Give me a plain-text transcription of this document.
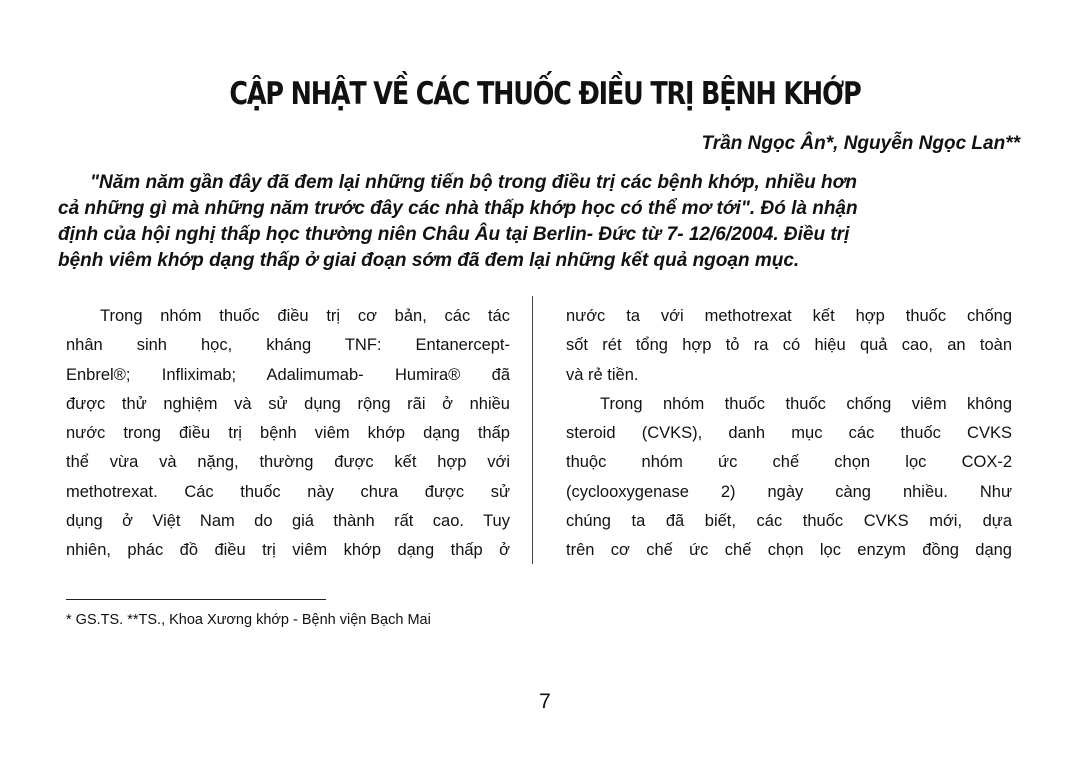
CẬP NHẬT VỀ CÁC THUỐC ĐIỀU TRỊ BỆNH KHỚP
Trần Ngọc Ân*, Nguyễn Ngọc Lan**
"Năm năm gần đây đã đem lại những tiến bộ trong điều trị các bệnh khớp, nhiều hơn
cả những gì mà những năm trước đây các nhà thấp khớp học có thể mơ tới". Đó là nhận
định của hội nghị thấp học thường niên Châu Âu tại Berlin- Đức từ 7- 12/6/2004. Điều trị
bệnh viêm khớp dạng thấp ở giai đoạn sớm đã đem lại những kết quả ngoạn mục.
Trong nhóm thuốc điều trị cơ bản, các tác
nhân sinh học, kháng TNF: Entanercept-
Enbrel®; Infliximab; Adalimumab- Humira® đã
được thử nghiệm và sử dụng rộng rãi ở nhiều
nước trong điều trị bệnh viêm khớp dạng thấp
thể vừa và nặng, thường được kết hợp với
methotrexat. Các thuốc này chưa được sử
dụng ở Việt Nam do giá thành rất cao. Tuy
nhiên, phác đồ điều trị viêm khớp dạng thấp ở
nước ta với methotrexat kết hợp thuốc chống
sốt rét tổng hợp tỏ ra có hiệu quả cao, an toàn
và rẻ tiền.
Trong nhóm thuốc thuốc chống viêm không
steroid (CVKS), danh mục các thuốc CVKS
thuộc nhóm ức chế chọn lọc COX-2
(cyclooxygenase 2) ngày càng nhiều. Như
chúng ta đã biết, các thuốc CVKS mới, dựa
trên cơ chế ức chế chọn lọc enzym đồng dạng
* GS.TS. **TS., Khoa Xương khớp - Bệnh viện Bạch Mai
7
